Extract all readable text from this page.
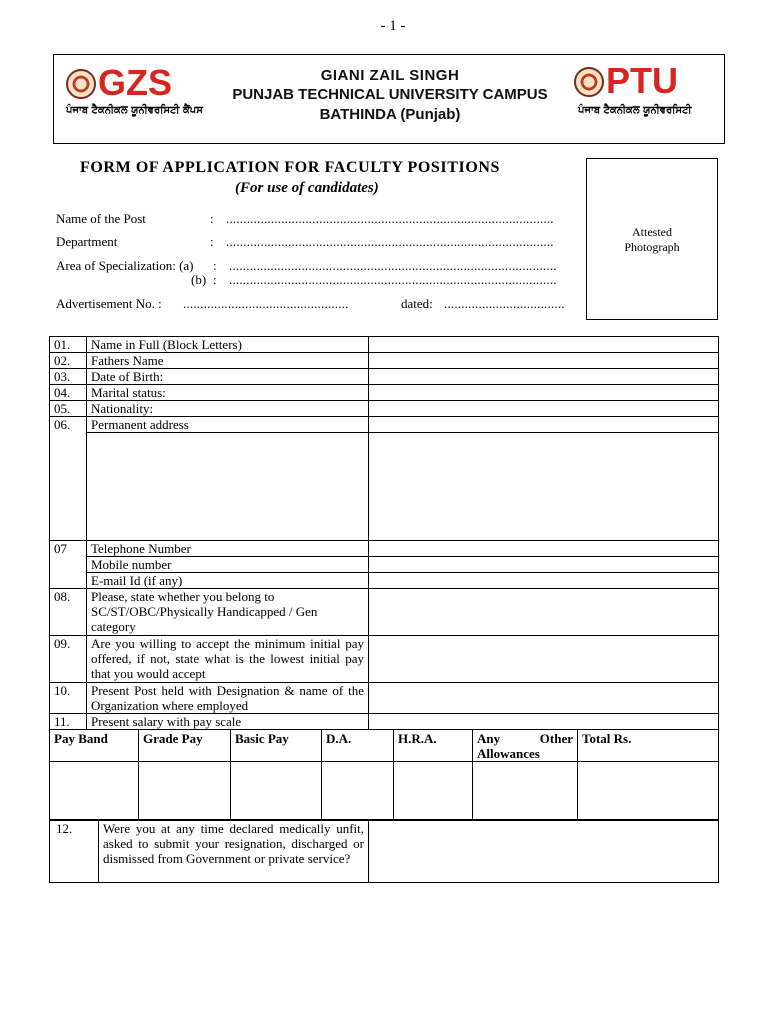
- 1 -
GZS
ਪੰਜਾਬ ਟੈਕਨੀਕਲ ਯੂਨੀਵਰਸਿਟੀ ਕੈਂਪਸ
GIANI ZAIL SINGH
PUNJAB TECHNICAL UNIVERSITY CAMPUS
BATHINDA (Punjab)
PTU
ਪੰਜਾਬ ਟੈਕਨੀਕਲ ਯੂਨੀਵਰਸਿਟੀ
FORM OF APPLICATION FOR FACULTY POSITIONS
(For use of candidates)
Attested
Photograph
Name of the Post	: ...............................................................................................
Department	: ...............................................................................................
Area of Specialization: (a) : ...............................................................................................
(b) : ...............................................................................................
Advertisement No. : ................................................	dated: ...................................
01.	Name in Full (Block Letters)	
02.	Fathers Name	
03.	Date of Birth:	
04.	Marital status:	
05.	Nationality:	
06.	Permanent address	

07	Telephone Number	
	Mobile number	
	E-mail Id (if any)	
08.	Please, state whether you belong to SC/ST/OBC/Physically Handicapped / Gen category	
09.	Are you willing to accept the minimum initial pay offered, if not, state what is the lowest initial pay that you would accept	
10.	Present Post held with Designation & name of the Organization where employed	
11.	Present salary with pay scale	
Pay Band	Grade Pay	Basic Pay	D.A.	H.R.A.	Any Other Allowances	Total Rs.

12.	Were you at any time declared medically unfit, asked to submit your resignation, discharged or dismissed from Government or private service?	
